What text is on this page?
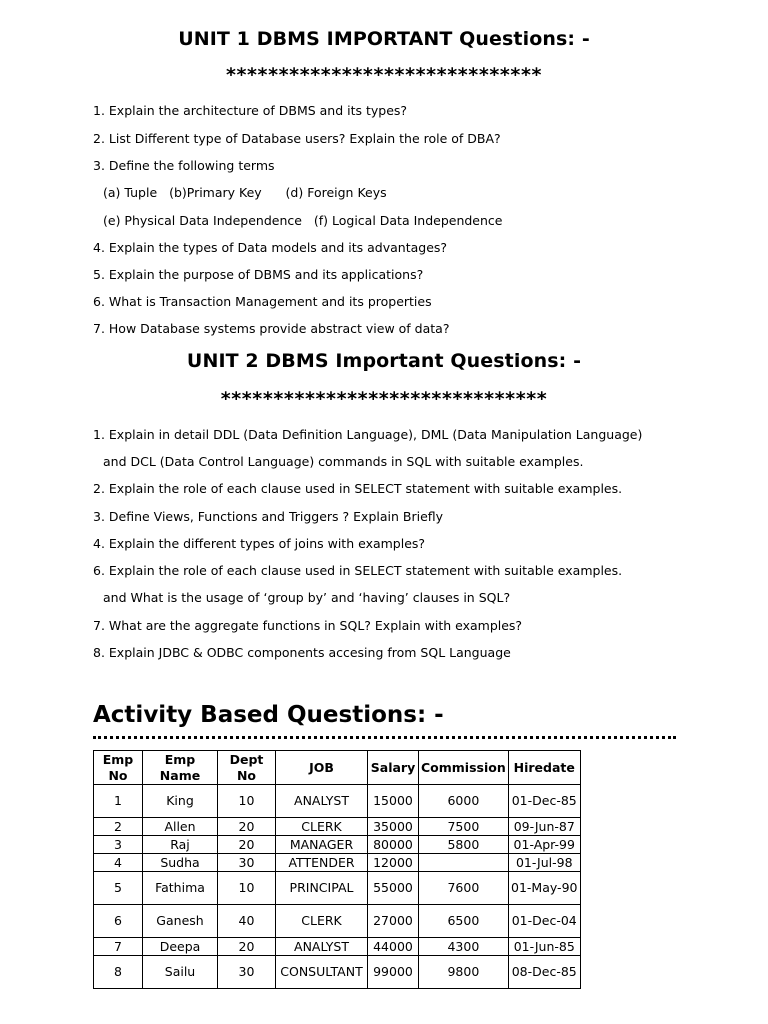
UNIT 1 DBMS IMPORTANT Questions: -
******************************
1. Explain the architecture of DBMS and its types?
2. List Different type of Database users? Explain the role of DBA?
3. Define the following terms
(a) Tuple   (b)Primary Key      (d) Foreign Keys
(e) Physical Data Independence   (f) Logical Data Independence
4. Explain the types of Data models and its advantages?
5. Explain the purpose of DBMS and its applications?
6. What is Transaction Management and its properties
7. How Database systems provide abstract view of data?
UNIT 2 DBMS Important Questions: -
*******************************
1. Explain in detail DDL (Data Definition Language), DML (Data Manipulation Language)
and DCL (Data Control Language) commands in SQL with suitable examples.
2. Explain the role of each clause used in SELECT statement with suitable examples.
3. Define Views, Functions and Triggers ? Explain Briefly
4. Explain the different types of joins with examples?
6. Explain the role of each clause used in SELECT statement with suitable examples.
and What is the usage of ‘group by’ and ‘having’ clauses in SQL?
7. What are the aggregate functions in SQL? Explain with examples?
8. Explain JDBC & ODBC components accesing from SQL Language
Activity Based Questions: -
Emp No	Emp Name	Dept No	JOB	Salary	Commission	Hiredate
1	King	10	ANALYST	15000	6000	01-Dec-85
2	Allen	20	CLERK	35000	7500	09-Jun-87
3	Raj	20	MANAGER	80000	5800	01-Apr-99
4	Sudha	30	ATTENDER	12000		01-Jul-98
5	Fathima	10	PRINCIPAL	55000	7600	01-May-90
6	Ganesh	40	CLERK	27000	6500	01-Dec-04
7	Deepa	20	ANALYST	44000	4300	01-Jun-85
8	Sailu	30	CONSULTANT	99000	9800	08-Dec-85
